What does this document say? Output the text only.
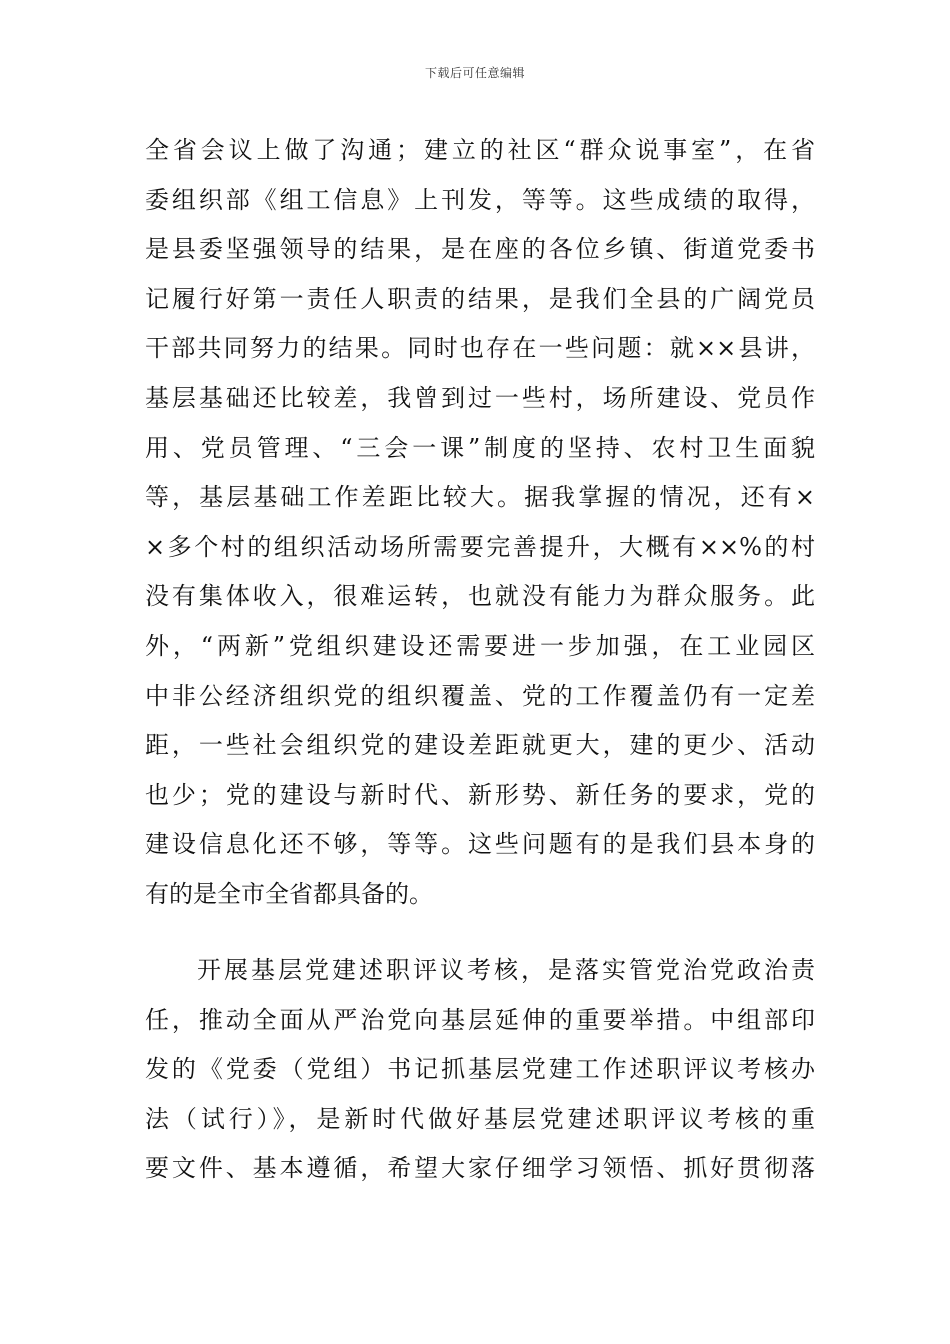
下载后可任意编辑
全省会议上做了沟通；建立的社区“群众说事室”，在省
委组织部《组工信息》上刊发，等等。这些成绩的取得，
是县委坚强领导的结果，是在座的各位乡镇、街道党委书
记履行好第一责任人职责的结果，是我们全县的广阔党员
干部共同努力的结果。同时也存在一些问题：就××县讲，
基层基础还比较差，我曾到过一些村，场所建设、党员作
用、党员管理、“三会一课”制度的坚持、农村卫生面貌
等，基层基础工作差距比较大。据我掌握的情况，还有×
×多个村的组织活动场所需要完善提升，大概有××%的村
没有集体收入，很难运转，也就没有能力为群众服务。此
外，“两新”党组织建设还需要进一步加强，在工业园区
中非公经济组织党的组织覆盖、党的工作覆盖仍有一定差
距，一些社会组织党的建设差距就更大，建的更少、活动
也少；党的建设与新时代、新形势、新任务的要求，党的
建设信息化还不够，等等。这些问题有的是我们县本身的
有的是全市全省都具备的。
开展基层党建述职评议考核，是落实管党治党政治责
任，推动全面从严治党向基层延伸的重要举措。中组部印
发的《党委（党组）书记抓基层党建工作述职评议考核办
法（试行）》，是新时代做好基层党建述职评议考核的重
要文件、基本遵循，希望大家仔细学习领悟、抓好贯彻落
